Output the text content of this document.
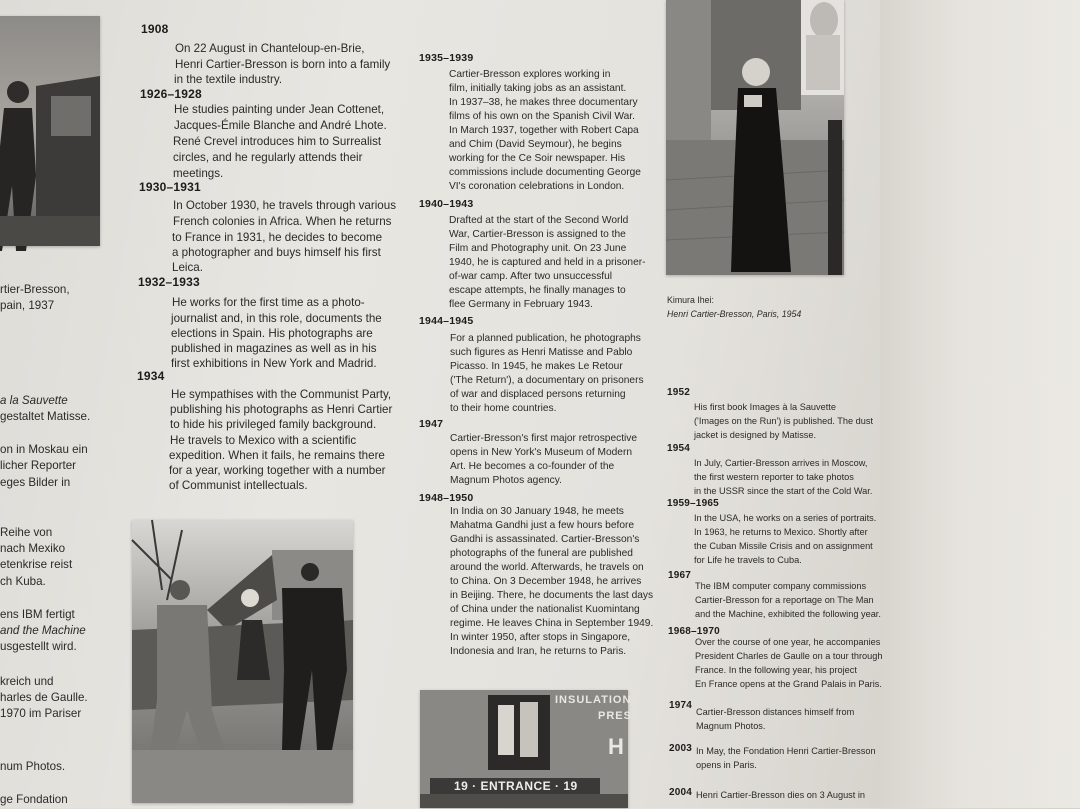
INSULATION
PRES
H
19 · ENTRANCE · 19
rtier-Bresson,
pain, 1937
a la Sauvette
gestaltet Matisse.
on in Moskau ein
licher Reporter
eges Bilder in
Reihe von
nach Mexiko
etenkrise reist
ch Kuba.
ens IBM fertigt
and the Machine
usgestellt wird.
kreich und
harles de Gaulle.
1970 im Pariser
num Photos.
ge Fondation
1908
On 22 August in Chanteloup-en-Brie,
Henri Cartier-Bresson is born into a family
in the textile industry.
1926–1928
He studies painting under Jean Cottenet,
Jacques-Émile Blanche and André Lhote.
René Crevel introduces him to Surrealist
circles, and he regularly attends their
meetings.
1930–1931
In October 1930, he travels through various
French colonies in Africa. When he returns
to France in 1931, he decides to become
a photographer and buys himself his first
Leica.
1932–1933
He works for the first time as a photo-
journalist and, in this role, documents the
elections in Spain. His photographs are
published in magazines as well as in his
first exhibitions in New York and Madrid.
1934
He sympathises with the Communist Party,
publishing his photographs as Henri Cartier
to hide his privileged family background.
He travels to Mexico with a scientific
expedition. When it fails, he remains there
for a year, working together with a number
of Communist intellectuals.
1935–1939
Cartier-Bresson explores working in
film, initially taking jobs as an assistant.
In 1937–38, he makes three documentary
films of his own on the Spanish Civil War.
In March 1937, together with Robert Capa
and Chim (David Seymour), he begins
working for the Ce Soir newspaper. His
commissions include documenting George
VI's coronation celebrations in London.
1940–1943
Drafted at the start of the Second World
War, Cartier-Bresson is assigned to the
Film and Photography unit. On 23 June
1940, he is captured and held in a prisoner-
of-war camp. After two unsuccessful
escape attempts, he finally manages to
flee Germany in February 1943.
1944–1945
For a planned publication, he photographs
such figures as Henri Matisse and Pablo
Picasso. In 1945, he makes Le Retour
('The Return'), a documentary on prisoners
of war and displaced persons returning
to their home countries.
1947
Cartier-Bresson's first major retrospective
opens in New York's Museum of Modern
Art. He becomes a co-founder of the
Magnum Photos agency.
1948–1950
In India on 30 January 1948, he meets
Mahatma Gandhi just a few hours before
Gandhi is assassinated. Cartier-Bresson's
photographs of the funeral are published
around the world. Afterwards, he travels on
to China. On 3 December 1948, he arrives
in Beijing. There, he documents the last days
of China under the nationalist Kuomintang
regime. He leaves China in September 1949.
In winter 1950, after stops in Singapore,
Indonesia and Iran, he returns to Paris.
Kimura Ihei:
Henri Cartier-Bresson, Paris, 1954
1952
His first book Images à la Sauvette
('Images on the Run') is published. The dust
jacket is designed by Matisse.
1954
In July, Cartier-Bresson arrives in Moscow,
the first western reporter to take photos
in the USSR since the start of the Cold War.
1959–1965
In the USA, he works on a series of portraits.
In 1963, he returns to Mexico. Shortly after
the Cuban Missile Crisis and on assignment
for Life he travels to Cuba.
1967
The IBM computer company commissions
Cartier-Bresson for a reportage on The Man
and the Machine, exhibited the following year.
1968–1970
Over the course of one year, he accompanies
President Charles de Gaulle on a tour through
France. In the following year, his project
En France opens at the Grand Palais in Paris.
1974
Cartier-Bresson distances himself from
Magnum Photos.
2003 In May, the Fondation Henri Cartier-Bresson
opens in Paris.
2004 Henri Cartier-Bresson dies on 3 August in
